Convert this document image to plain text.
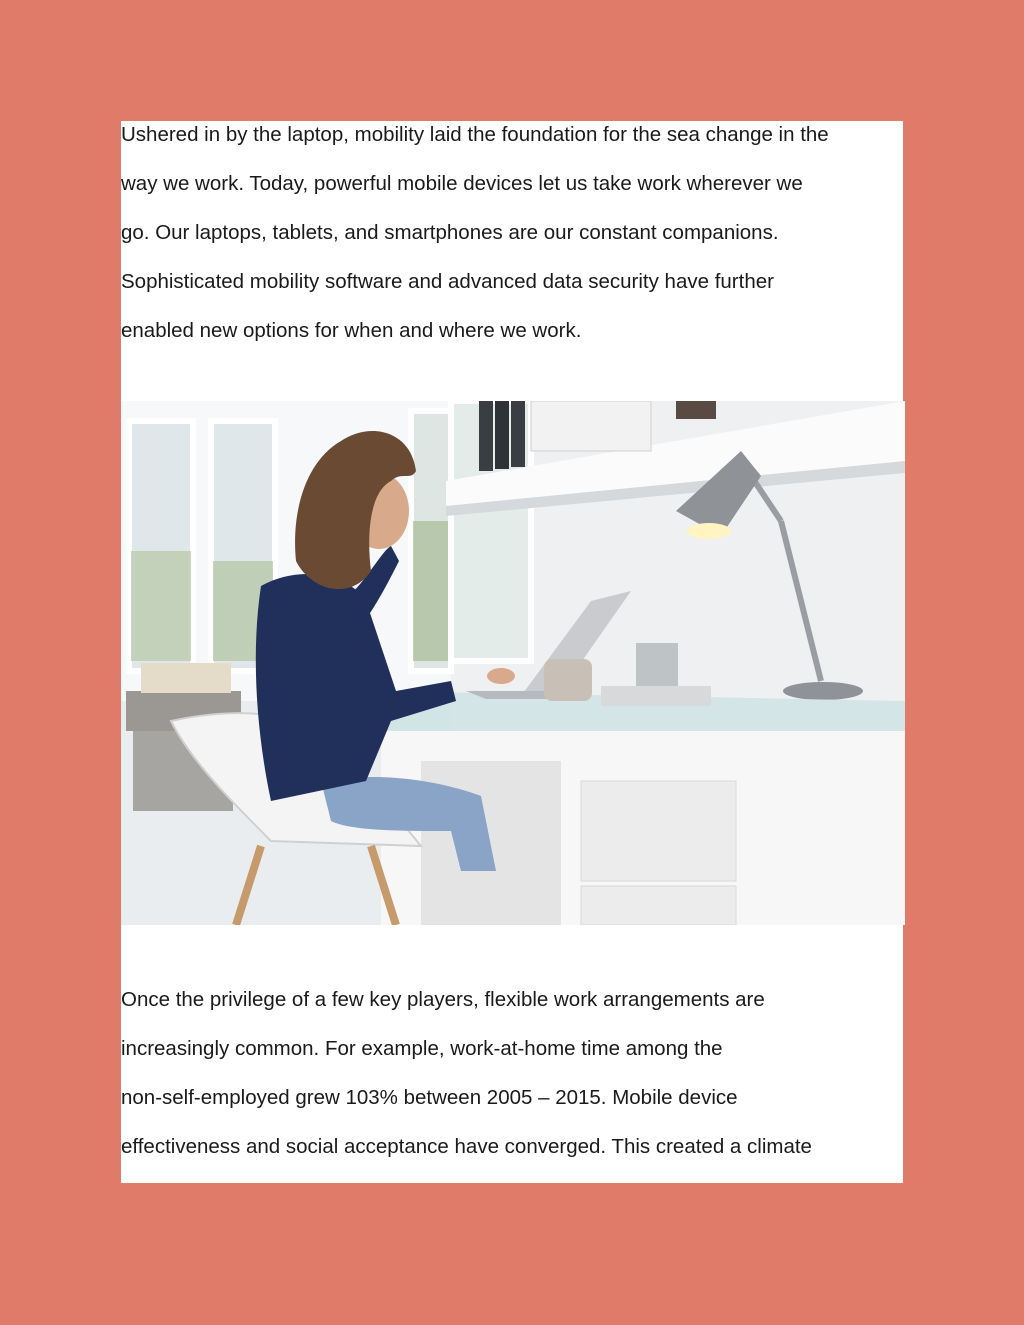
Ushered in by the laptop, mobility laid the foundation for the sea change in the
way we work. Today, powerful mobile devices let us take work wherever we
go. Our laptops, tablets, and smartphones are our constant companions.
Sophisticated mobility software and advanced data security have further
enabled new options for when and where we work.

Once the privilege of a few key players, flexible work arrangements are
increasingly common. For example, work-at-home time among the
non-self-employed grew 103% between 2005 – 2015. Mobile device
effectiveness and social acceptance have converged. This created a climate
